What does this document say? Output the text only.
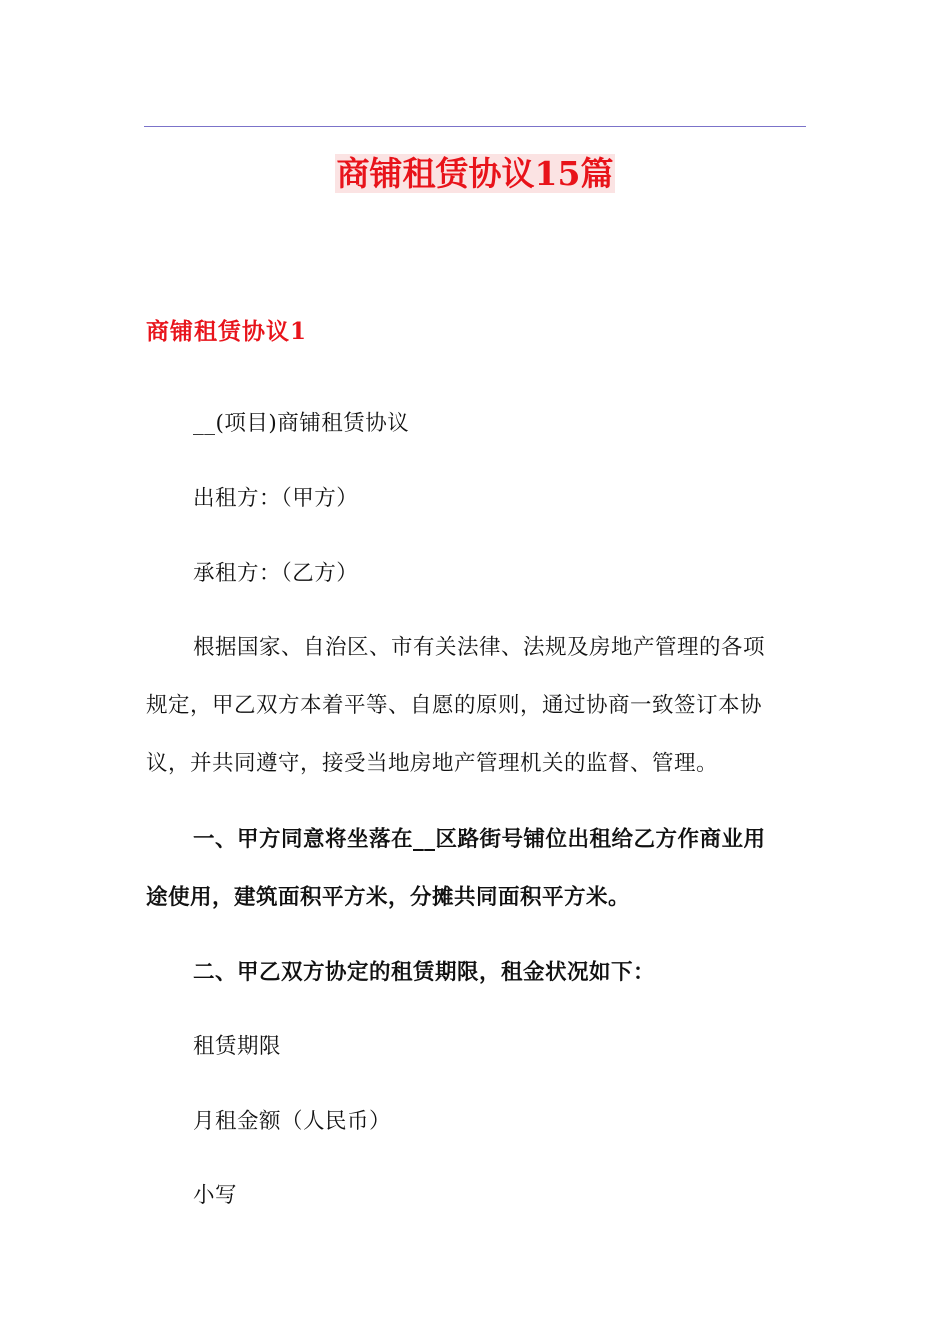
商铺租赁协议15篇
商铺租赁协议1
__(项目)商铺租赁协议
出租方：（甲方）
承租方：（乙方）
根据国家、自治区、市有关法律、法规及房地产管理的各项
规定，甲乙双方本着平等、自愿的原则，通过协商一致签订本协
议，并共同遵守，接受当地房地产管理机关的监督、管理。
一、甲方同意将坐落在__区路街号铺位出租给乙方作商业用
途使用，建筑面积平方米，分摊共同面积平方米。
二、甲乙双方协定的租赁期限，租金状况如下：
租赁期限
月租金额（人民币）
小写
